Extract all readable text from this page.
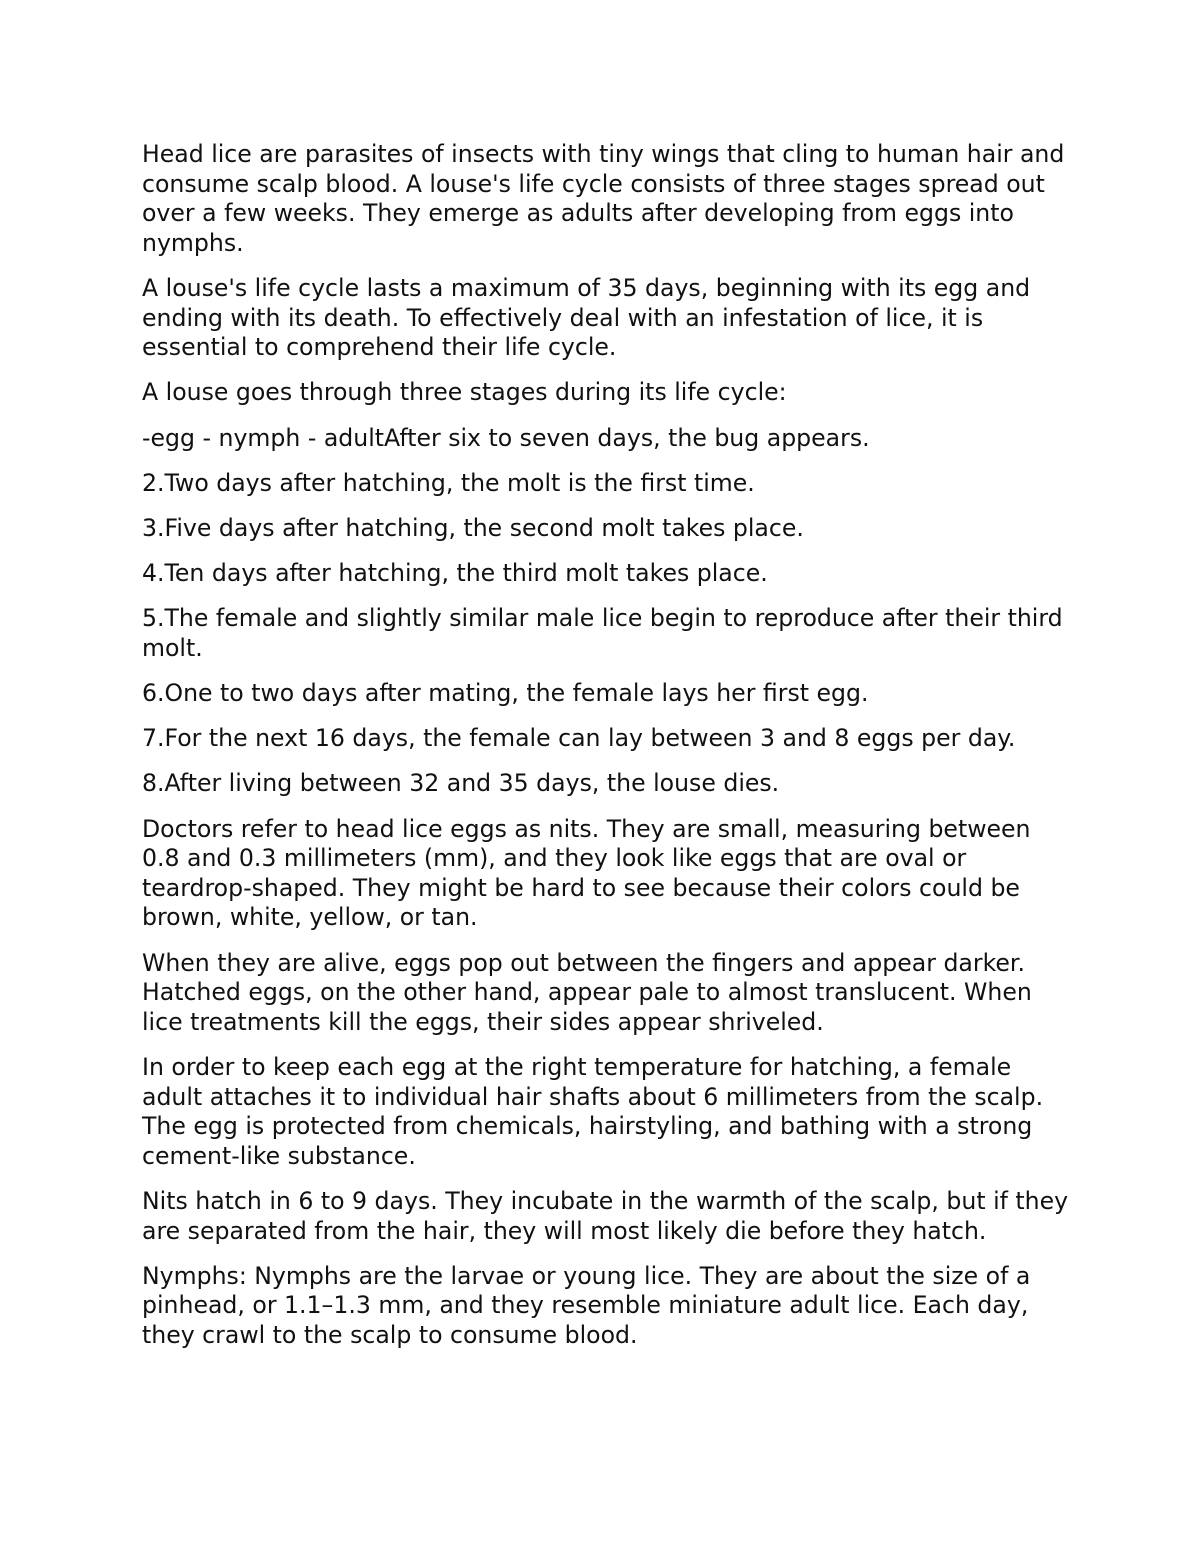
Head lice are parasites of insects with tiny wings that cling to human hair and consume scalp blood. A louse's life cycle consists of three stages spread out over a few weeks. They emerge as adults after developing from eggs into nymphs.

A louse's life cycle lasts a maximum of 35 days, beginning with its egg and ending with its death. To effectively deal with an infestation of lice, it is essential to comprehend their life cycle.

A louse goes through three stages during its life cycle:

-egg - nymph - adultAfter six to seven days, the bug appears.

2.Two days after hatching, the molt is the first time.

3.Five days after hatching, the second molt takes place.

4.Ten days after hatching, the third molt takes place.

5.The female and slightly similar male lice begin to reproduce after their third molt.

6.One to two days after mating, the female lays her first egg.

7.For the next 16 days, the female can lay between 3 and 8 eggs per day.

8.After living between 32 and 35 days, the louse dies.

Doctors refer to head lice eggs as nits. They are small, measuring between 0.8 and 0.3 millimeters (mm), and they look like eggs that are oval or teardrop-shaped. They might be hard to see because their colors could be brown, white, yellow, or tan.

When they are alive, eggs pop out between the fingers and appear darker. Hatched eggs, on the other hand, appear pale to almost translucent. When lice treatments kill the eggs, their sides appear shriveled.

In order to keep each egg at the right temperature for hatching, a female adult attaches it to individual hair shafts about 6 millimeters from the scalp. The egg is protected from chemicals, hairstyling, and bathing with a strong cement-like substance.

Nits hatch in 6 to 9 days. They incubate in the warmth of the scalp, but if they are separated from the hair, they will most likely die before they hatch.

Nymphs: Nymphs are the larvae or young lice. They are about the size of a pinhead, or 1.1–1.3 mm, and they resemble miniature adult lice. Each day, they crawl to the scalp to consume blood.
